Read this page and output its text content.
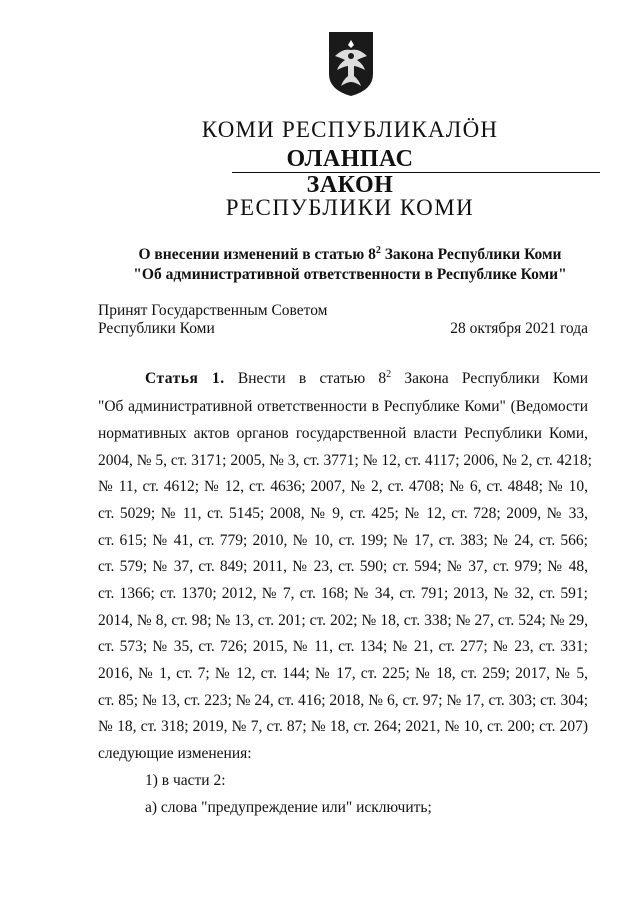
КОМИ РЕСПУБЛИКАЛÖН
ОЛАНПАС
ЗАКОН
РЕСПУБЛИКИ КОМИ
О внесении изменений в статью $8^2$ Закона Республики Коми
"Об административной ответственности в Республике Коми"
Принят Государственным Советом
Республики Коми	28 октября 2021 года
Статья 1. Внести в статью $8^2$ Закона Республики Коми
"Об административной ответственности в Республике Коми" (Ведомости
нормативных актов органов государственной власти Республики Коми,
2004, № 5, ст. 3171; 2005, № 3, ст. 3771; № 12, ст. 4117; 2006, № 2, ст. 4218;
№ 11, ст. 4612; № 12, ст. 4636; 2007, № 2, ст. 4708; № 6, ст. 4848; № 10,
ст. 5029; № 11, ст. 5145; 2008, № 9, ст. 425; № 12, ст. 728; 2009, № 33,
ст. 615; № 41, ст. 779; 2010, № 10, ст. 199; № 17, ст. 383; № 24, ст. 566;
ст. 579; № 37, ст. 849; 2011, № 23, ст. 590; ст. 594; № 37, ст. 979; № 48,
ст. 1366; ст. 1370; 2012, № 7, ст. 168; № 34, ст. 791; 2013, № 32, ст. 591;
2014, № 8, ст. 98; № 13, ст. 201; ст. 202; № 18, ст. 338; № 27, ст. 524; № 29,
ст. 573; № 35, ст. 726; 2015, № 11, ст. 134; № 21, ст. 277; № 23, ст. 331;
2016, № 1, ст. 7; № 12, ст. 144; № 17, ст. 225; № 18, ст. 259; 2017, № 5,
ст. 85; № 13, ст. 223; № 24, ст. 416; 2018, № 6, ст. 97; № 17, ст. 303; ст. 304;
№ 18, ст. 318; 2019, № 7, ст. 87; № 18, ст. 264; 2021, № 10, ст. 200; ст. 207)
следующие изменения:
1) в части 2:
а) слова "предупреждение или" исключить;
